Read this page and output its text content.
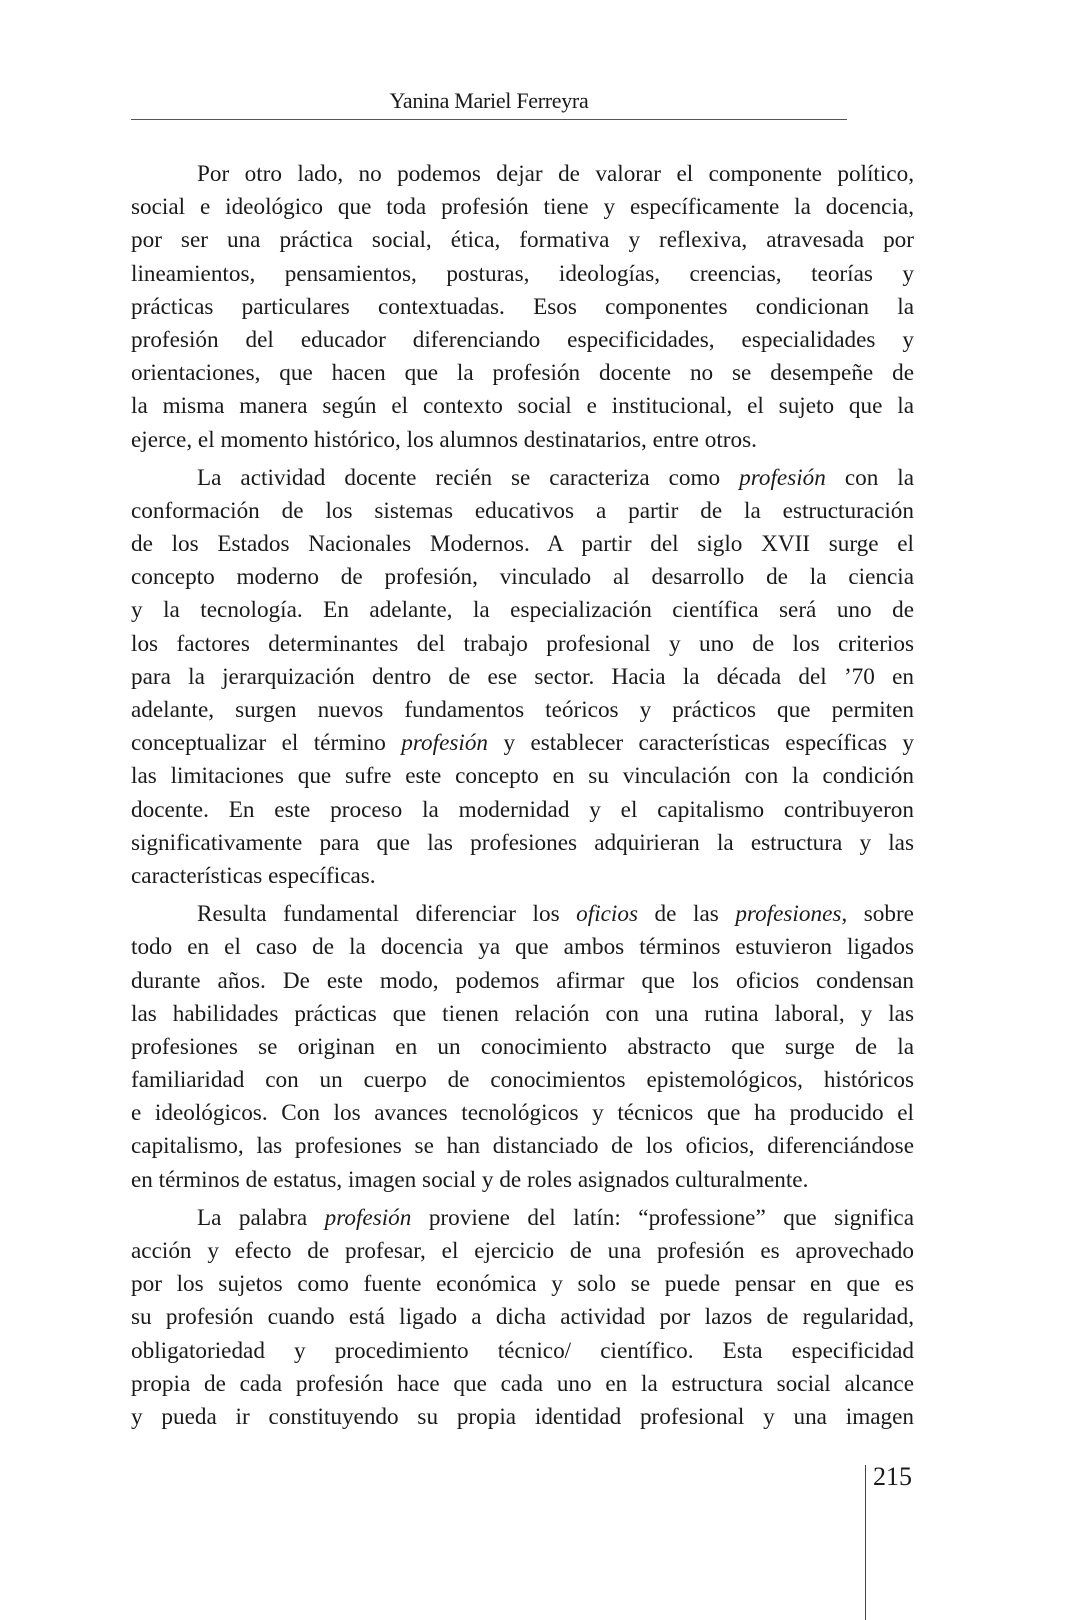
Yanina Mariel Ferreyra
Por otro lado, no podemos dejar de valorar el componente político,
social e ideológico que toda profesión tiene y específicamente la docencia,
por ser una práctica social, ética, formativa y reflexiva, atravesada por
lineamientos, pensamientos, posturas, ideologías, creencias, teorías y
prácticas particulares contextuadas. Esos componentes condicionan la
profesión del educador diferenciando especificidades, especialidades y
orientaciones, que hacen que la profesión docente no se desempeñe de
la misma manera según el contexto social e institucional, el sujeto que la
ejerce, el momento histórico, los alumnos destinatarios, entre otros.
La actividad docente recién se caracteriza como profesión con la
conformación de los sistemas educativos a partir de la estructuración
de los Estados Nacionales Modernos. A partir del siglo XVII surge el
concepto moderno de profesión, vinculado al desarrollo de la ciencia
y la tecnología. En adelante, la especialización científica será uno de
los factores determinantes del trabajo profesional y uno de los criterios
para la jerarquización dentro de ese sector. Hacia la década del ’70 en
adelante, surgen nuevos fundamentos teóricos y prácticos que permiten
conceptualizar el término profesión y establecer características específicas y
las limitaciones que sufre este concepto en su vinculación con la condición
docente. En este proceso la modernidad y el capitalismo contribuyeron
significativamente para que las profesiones adquirieran la estructura y las
características específicas.
Resulta fundamental diferenciar los oficios de las profesiones, sobre
todo en el caso de la docencia ya que ambos términos estuvieron ligados
durante años. De este modo, podemos afirmar que los oficios condensan
las habilidades prácticas que tienen relación con una rutina laboral, y las
profesiones se originan en un conocimiento abstracto que surge de la
familiaridad con un cuerpo de conocimientos epistemológicos, históricos
e ideológicos. Con los avances tecnológicos y técnicos que ha producido el
capitalismo, las profesiones se han distanciado de los oficios, diferenciándose
en términos de estatus, imagen social y de roles asignados culturalmente.
La palabra profesión proviene del latín: “professione” que significa
acción y efecto de profesar, el ejercicio de una profesión es aprovechado
por los sujetos como fuente económica y solo se puede pensar en que es
su profesión cuando está ligado a dicha actividad por lazos de regularidad,
obligatoriedad y procedimiento técnico/ científico. Esta especificidad
propia de cada profesión hace que cada uno en la estructura social alcance
y pueda ir constituyendo su propia identidad profesional y una imagen
215
